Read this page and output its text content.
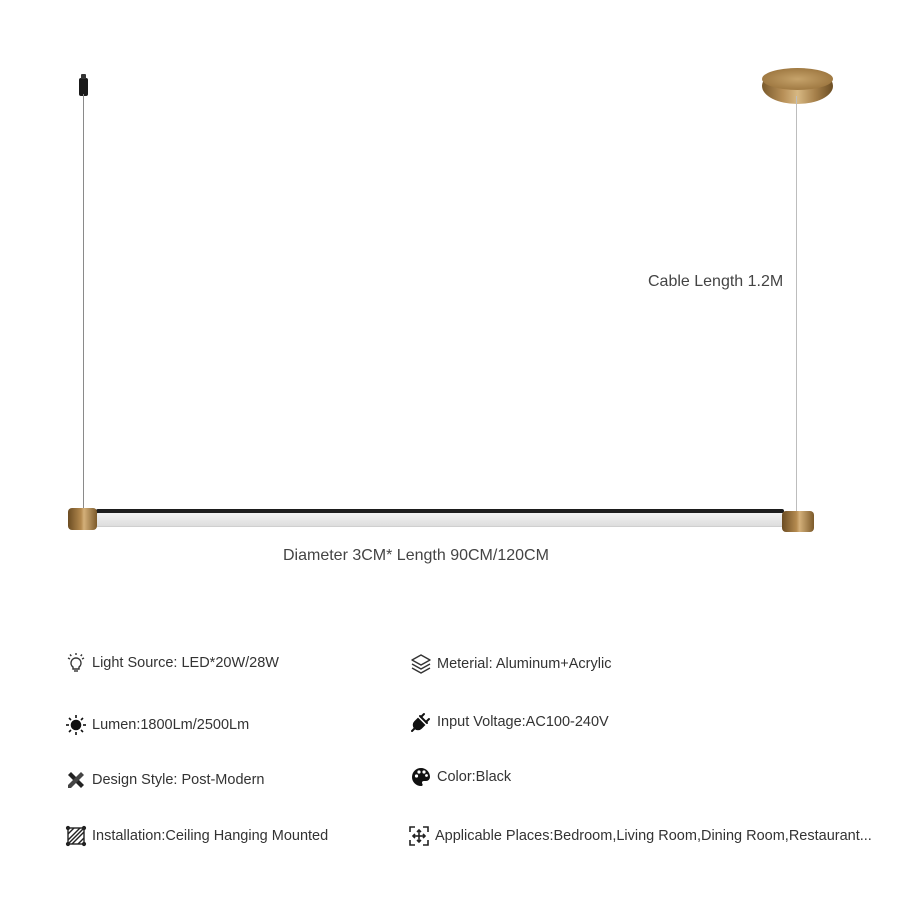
Cable Length 1.2M
Diameter 3CM* Length 90CM/120CM
Light Source: LED*20W/28W	Meterial: Aluminum+Acrylic
Lumen:1800Lm/2500Lm	Input Voltage:AC100-240V
Design Style: Post-Modern	Color:Black
Installation:Ceiling Hanging Mounted	Applicable Places:Bedroom,Living Room,Dining Room,Restaurant...
